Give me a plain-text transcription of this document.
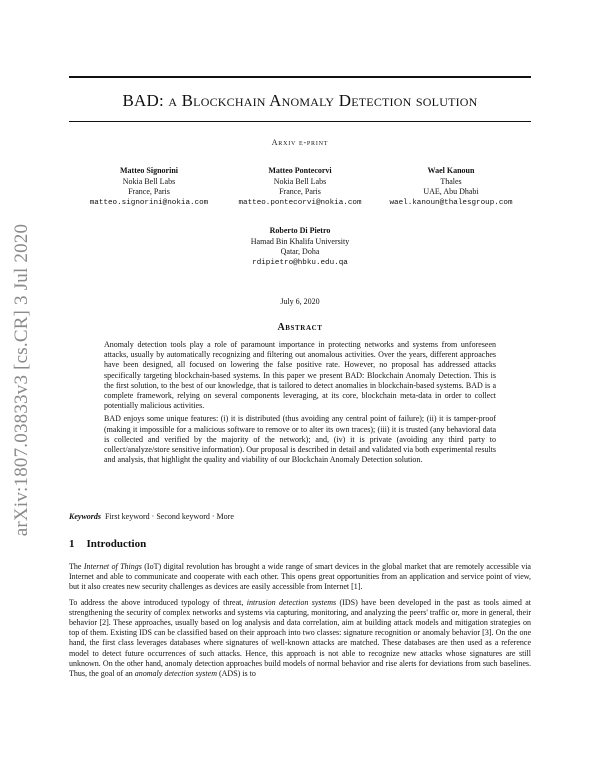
arXiv:1807.03833v3 [cs.CR] 3 Jul 2020
BAD: a Blockchain Anomaly Detection solution
Arxiv e-print
Matteo Signorini
Nokia Bell Labs
France, Paris
matteo.signorini@nokia.com
Matteo Pontecorvi
Nokia Bell Labs
France, Paris
matteo.pontecorvi@nokia.com
Wael Kanoun
Thales
UAE, Abu Dhabi
wael.kanoun@thalesgroup.com
Roberto Di Pietro
Hamad Bin Khalifa University
Qatar, Doha
rdipietro@hbku.edu.qa
July 6, 2020
Abstract

Anomaly detection tools play a role of paramount importance in protecting networks and systems from unforeseen attacks, usually by automatically recognizing and filtering out anomalous activities. Over the years, different approaches have been designed, all focused on lowering the false positive rate. However, no proposal has addressed attacks specifically targeting blockchain-based systems. In this paper we present BAD: Blockchain Anomaly Detection. This is the first solution, to the best of our knowledge, that is tailored to detect anomalies in blockchain-based systems. BAD is a complete framework, relying on several components leveraging, at its core, blockchain meta-data in order to collect potentially malicious activities.

BAD enjoys some unique features: (i) it is distributed (thus avoiding any central point of failure); (ii) it is tamper-proof (making it impossible for a malicious software to remove or to alter its own traces); (iii) it is trusted (any behavioral data is collected and verified by the majority of the network); and, (iv) it is private (avoiding any third party to collect/analyze/store sensitive information). Our proposal is described in detail and validated via both experimental results and analysis, that highlight the quality and viability of our Blockchain Anomaly Detection solution.

Keywords First keyword · Second keyword · More
1 Introduction

The Internet of Things (IoT) digital revolution has brought a wide range of smart devices in the global market that are remotely accessible via Internet and able to communicate and cooperate with each other. This opens great opportunities from an application and service point of view, but it also creates new security challenges as devices are easily accessible from Internet [1].

To address the above introduced typology of threat, intrusion detection systems (IDS) have been developed in the past as tools aimed at strengthening the security of complex networks and systems via capturing, monitoring, and analyzing the peers' traffic or, more in general, their behavior [2]. These approaches, usually based on log analysis and data correlation, aim at building attack models and mitigation strategies on top of them. Existing IDS can be classified based on their approach into two classes: signature recognition or anomaly behavior [3]. On the one hand, the first class leverages databases where signatures of well-known attacks are matched. These databases are then used as a reference model to detect future occurrences of such attacks. Hence, this approach is not able to recognize new attacks whose signatures are still unknown. On the other hand, anomaly detection approaches build models of normal behavior and rise alerts for deviations from such baselines. Thus, the goal of an anomaly detection system (ADS) is to
